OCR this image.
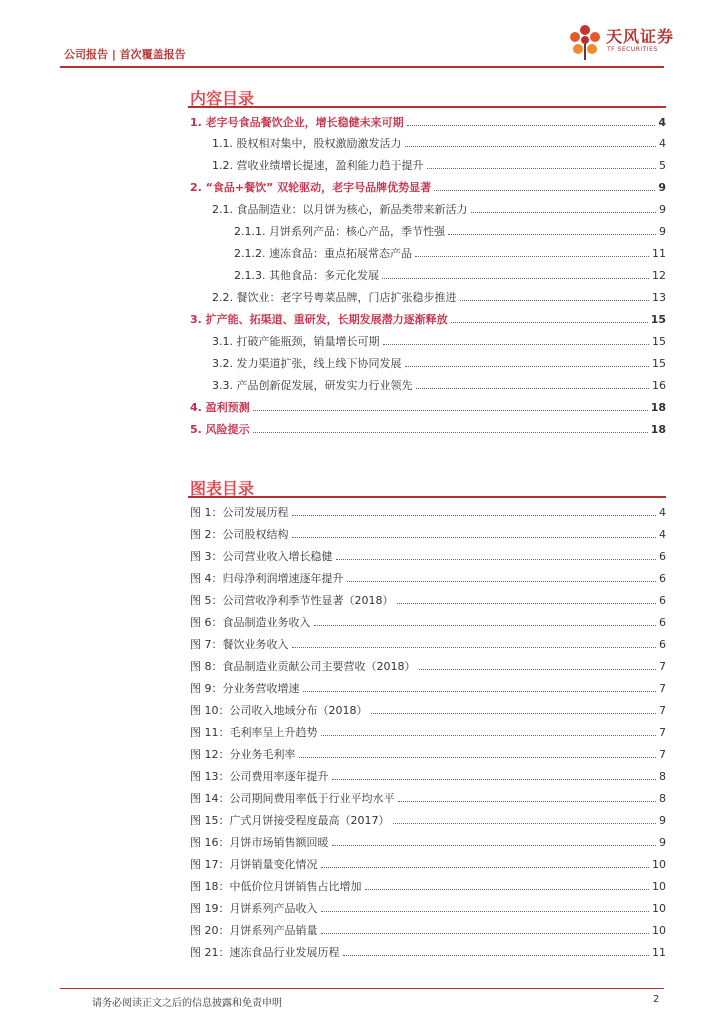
公司报告 | 首次覆盖报告
天风证券
TF SECURITIES
内容目录
1. 老字号食品餐饮企业，增长稳健未来可期	4
1.1. 股权相对集中，股权激励激发活力	4
1.2. 营收业绩增长提速，盈利能力趋于提升	5
2. “食品+餐饮” 双轮驱动，老字号品牌优势显著	9
2.1. 食品制造业：以月饼为核心，新品类带来新活力	9
2.1.1. 月饼系列产品：核心产品，季节性强	9
2.1.2. 速冻食品：重点拓展常态产品	11
2.1.3. 其他食品：多元化发展	12
2.2. 餐饮业：老字号粤菜品牌，门店扩张稳步推进	13
3. 扩产能、拓渠道、重研发，长期发展潜力逐渐释放	15
3.1. 打破产能瓶颈，销量增长可期	15
3.2. 发力渠道扩张，线上线下协同发展	15
3.3. 产品创新促发展，研发实力行业领先	16
4. 盈利预测	18
5. 风险提示	18
图表目录
图 1：公司发展历程	4
图 2：公司股权结构	4
图 3：公司营业收入增长稳健	6
图 4：归母净利润增速逐年提升	6
图 5：公司营收净利季节性显著（2018）	6
图 6：食品制造业务收入	6
图 7：餐饮业务收入	6
图 8：食品制造业贡献公司主要营收（2018）	7
图 9：分业务营收增速	7
图 10：公司收入地域分布（2018）	7
图 11：毛利率呈上升趋势	7
图 12：分业务毛利率	7
图 13：公司费用率逐年提升	8
图 14：公司期间费用率低于行业平均水平	8
图 15：广式月饼接受程度最高（2017）	9
图 16：月饼市场销售额回暖	9
图 17：月饼销量变化情况	10
图 18：中低价位月饼销售占比增加	10
图 19：月饼系列产品收入	10
图 20：月饼系列产品销量	10
图 21：速冻食品行业发展历程	11
请务必阅读正文之后的信息披露和免责申明	2
